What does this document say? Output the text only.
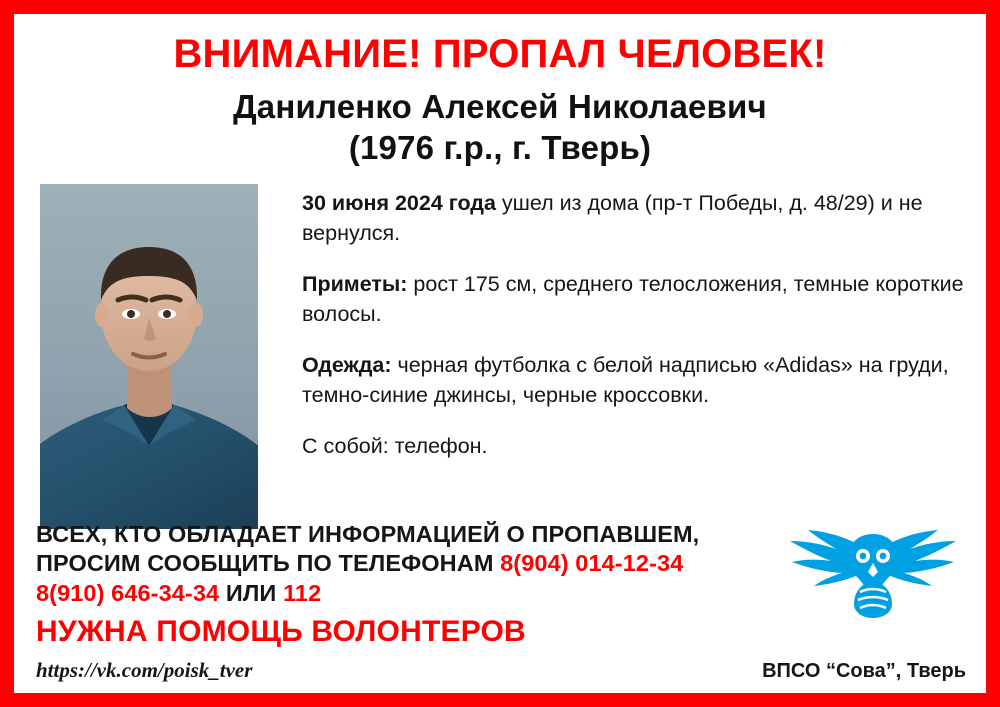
ВНИМАНИЕ! ПРОПАЛ ЧЕЛОВЕК!
Даниленко Алексей Николаевич
(1976 г.р., г. Тверь)

30 июня 2024 года ушел из дома (пр-т Победы, д. 48/29) и не вернулся.

Приметы: рост 175 см, среднего телосложения, темные короткие волосы.

Одежда: черная футболка с белой надписью «Adidas» на груди, темно-синие джинсы, черные кроссовки.

С собой: телефон.

ВСЕХ, КТО ОБЛАДАЕТ ИНФОРМАЦИЕЙ О ПРОПАВШЕМ,
ПРОСИМ СООБЩИТЬ ПО ТЕЛЕФОНАМ 8(904) 014-12-34
8(910) 646-34-34 ИЛИ 112
НУЖНА ПОМОЩЬ ВОЛОНТЕРОВ
https://vk.com/poisk_tver	ВПСО “Сова”, Тверь
